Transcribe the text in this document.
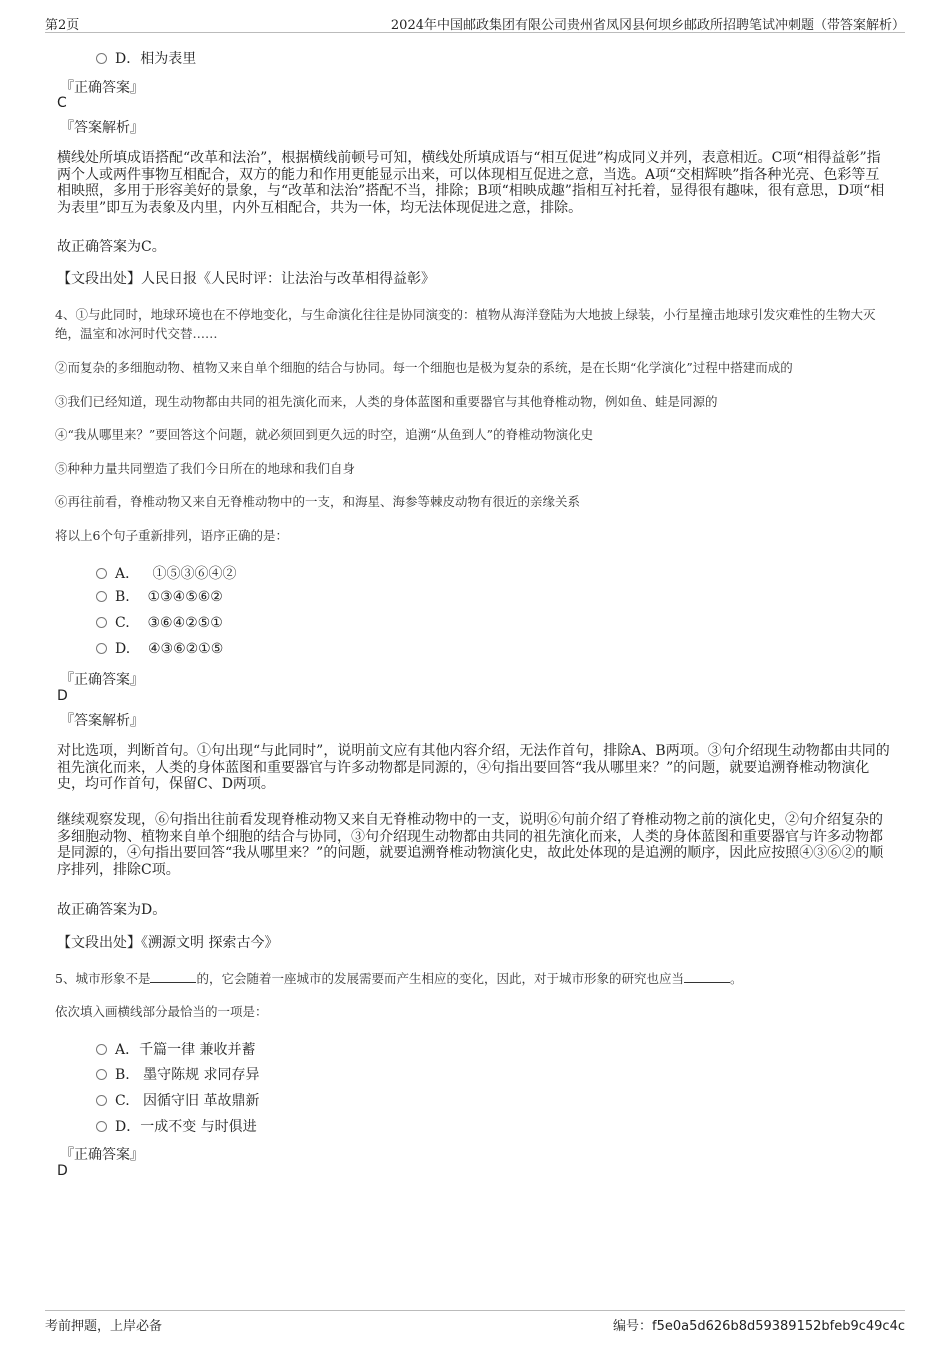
第2页	2024年中国邮政集团有限公司贵州省凤冈县何坝乡邮政所招聘笔试冲刺题（带答案解析）
D．相为表里
『正确答案』
C
『答案解析』
横线处所填成语搭配“改革和法治”，根据横线前顿号可知，横线处所填成语与“相互促进”构成同义并列，表意相近。C项“相得益彰”指两个人或两件事物互相配合，双方的能力和作用更能显示出来，可以体现相互促进之意，当选。A项“交相辉映”指各种光亮、色彩等互相映照，多用于形容美好的景象，与“改革和法治”搭配不当，排除；B项“相映成趣”指相互衬托着，显得很有趣味，很有意思，D项“相为表里”即互为表象及内里，内外互相配合，共为一体，均无法体现促进之意，排除。
故正确答案为C。
【文段出处】人民日报《人民时评：让法治与改革相得益彰》
4、①与此同时，地球环境也在不停地变化，与生命演化往往是协同演变的：植物从海洋登陆为大地披上绿装，小行星撞击地球引发灾难性的生物大灭绝，温室和冰河时代交替……
②而复杂的多细胞动物、植物又来自单个细胞的结合与协同。每一个细胞也是极为复杂的系统，是在长期“化学演化”过程中搭建而成的
③我们已经知道，现生动物都由共同的祖先演化而来，人类的身体蓝图和重要器官与其他脊椎动物，例如鱼、蛙是同源的
④“我从哪里来？”要回答这个问题，就必须回到更久远的时空，追溯“从鱼到人”的脊椎动物演化史
⑤种种力量共同塑造了我们今日所在的地球和我们自身
⑥再往前看，脊椎动物又来自无脊椎动物中的一支，和海星、海参等棘皮动物有很近的亲缘关系
将以上6个句子重新排列，语序正确的是：
A．   ①⑤③⑥④②
B.    ①③④⑤⑥②
C.    ③⑥④②⑤①
D.    ④③⑥②①⑤
『正确答案』
D
『答案解析』
对比选项，判断首句。①句出现“与此同时”，说明前文应有其他内容介绍，无法作首句，排除A、B两项。③句介绍现生动物都由共同的祖先演化而来，人类的身体蓝图和重要器官与许多动物都是同源的，④句指出要回答“我从哪里来？”的问题，就要追溯脊椎动物演化史，均可作首句，保留C、D两项。
继续观察发现，⑥句指出往前看发现脊椎动物又来自无脊椎动物中的一支，说明⑥句前介绍了脊椎动物之前的演化史，②句介绍复杂的多细胞动物、植物来自单个细胞的结合与协同，③句介绍现生动物都由共同的祖先演化而来，人类的身体蓝图和重要器官与许多动物都是同源的，④句指出要回答“我从哪里来？”的问题，就要追溯脊椎动物演化史，故此处体现的是追溯的顺序，因此应按照④③⑥②的顺序排列，排除C项。
故正确答案为D。
【文段出处】《溯源文明 探索古今》
5、城市形象不是	的，它会随着一座城市的发展需要而产生相应的变化，因此，对于城市形象的研究也应当	。
依次填入画横线部分最恰当的一项是：
A．千篇一律 兼收并蓄
B.   墨守陈规 求同存异
C.   因循守旧 革故鼎新
D．一成不变 与时俱进
『正确答案』
D
考前押题，上岸必备	编号：f5e0a5d626b8d59389152bfeb9c49c4c
